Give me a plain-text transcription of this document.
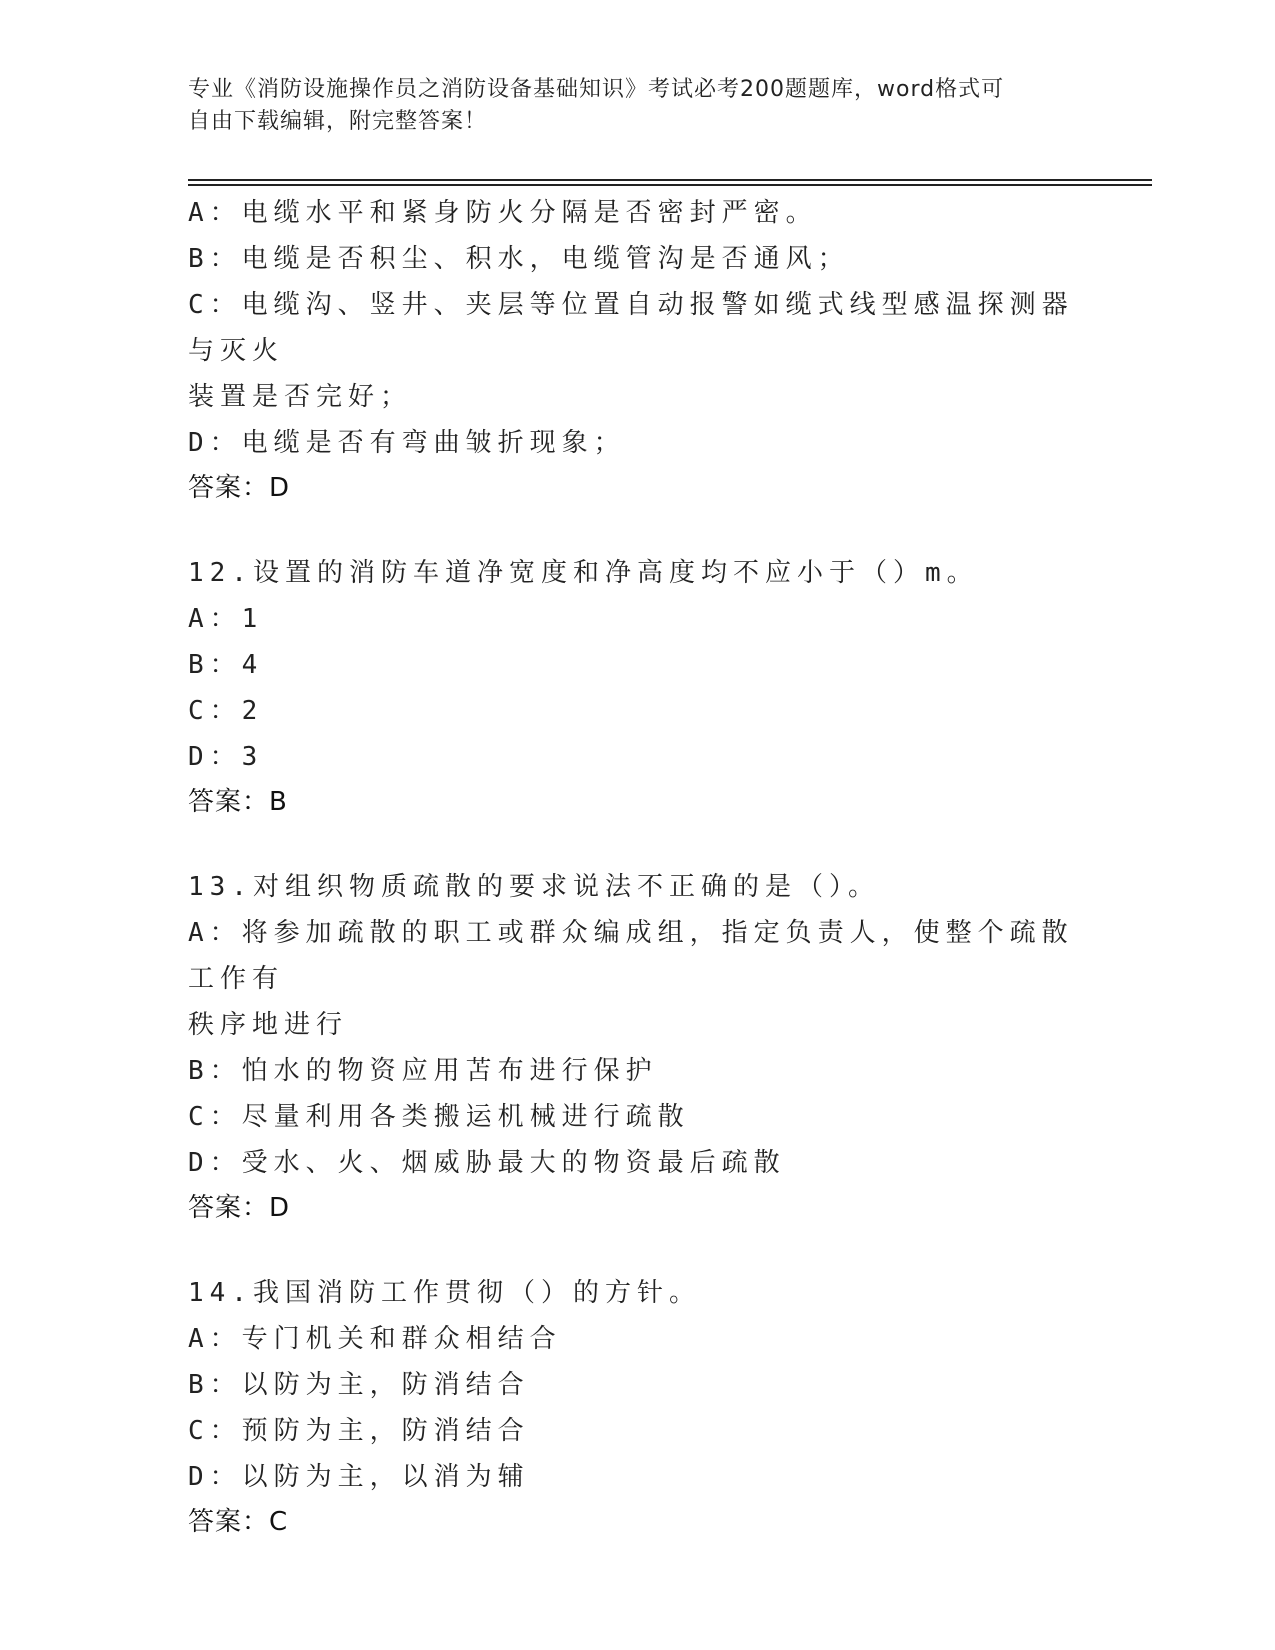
专业《消防设施操作员之消防设备基础知识》考试必考200题题库，word格式可
自由下载编辑，附完整答案！
A：电缆水平和紧身防火分隔是否密封严密。
B：电缆是否积尘、积水，电缆管沟是否通风；
C：电缆沟、竖井、夹层等位置自动报警如缆式线型感温探测器与灭火
装置是否完好；
D：电缆是否有弯曲皱折现象；
答案：D
12.设置的消防车道净宽度和净高度均不应小于（）m。
A：1
B：4
C：2
D：3
答案：B
13.对组织物质疏散的要求说法不正确的是（）。
A：将参加疏散的职工或群众编成组，指定负责人，使整个疏散工作有
秩序地进行
B：怕水的物资应用苫布进行保护
C：尽量利用各类搬运机械进行疏散
D：受水、火、烟威胁最大的物资最后疏散
答案：D
14.我国消防工作贯彻（）的方针。
A：专门机关和群众相结合
B：以防为主，防消结合
C：预防为主，防消结合
D：以防为主，以消为辅
答案：C
